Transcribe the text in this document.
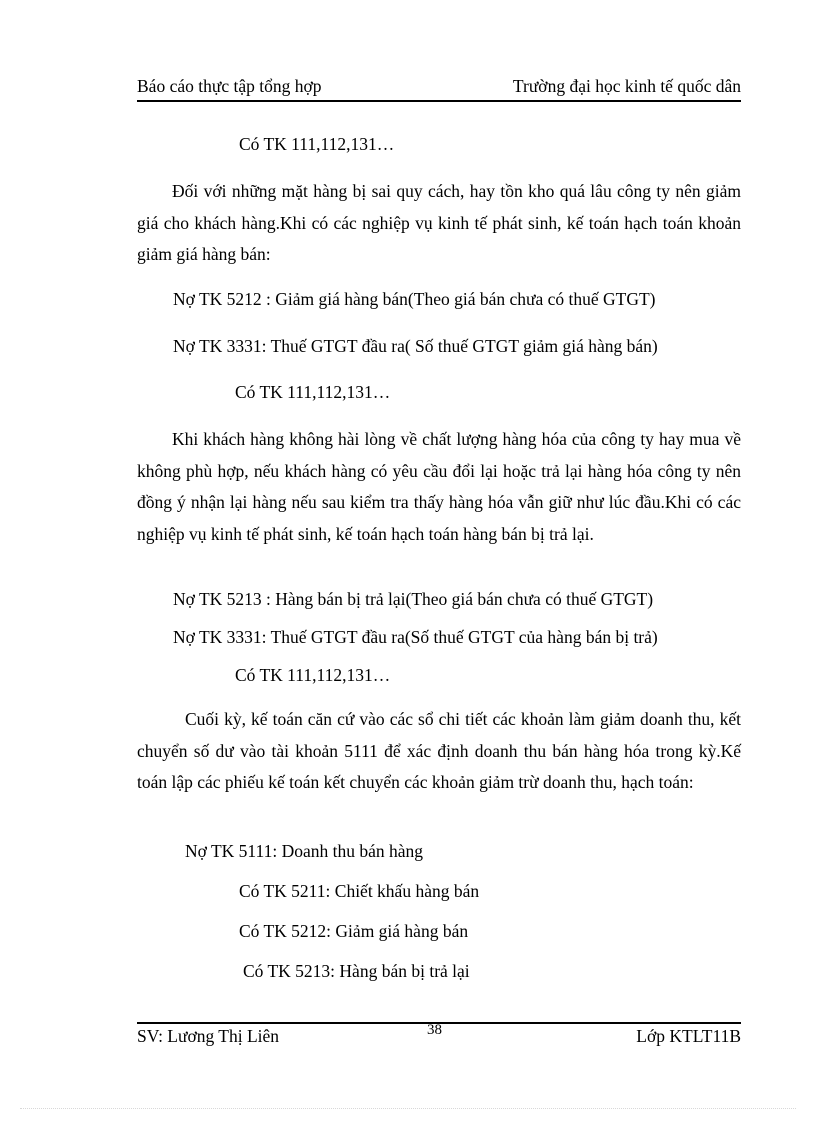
Báo cáo thực tập tổng hợp	Trường đại học kinh tế quốc dân
Có TK 111,112,131…
Đối với những mặt hàng bị sai quy cách, hay tồn kho quá lâu công ty nên giảm giá cho khách hàng.Khi có các nghiệp vụ kinh tế phát sinh, kế toán hạch toán khoản giảm giá hàng bán:
Nợ TK 5212 : Giảm giá hàng bán(Theo giá bán chưa có thuế GTGT)
Nợ TK 3331: Thuế GTGT đầu ra( Số thuế GTGT giảm giá hàng bán)
Có TK 111,112,131…
Khi khách hàng không hài lòng về chất lượng hàng hóa của công ty hay mua về không phù hợp, nếu khách hàng có yêu cầu đổi lại hoặc trả lại hàng hóa công ty nên đồng ý nhận lại hàng nếu sau kiểm tra thấy hàng hóa vẫn giữ như lúc đầu.Khi có các nghiệp vụ kinh tế phát sinh, kế toán hạch toán hàng bán bị trả lại.
Nợ TK 5213 : Hàng bán bị trả lại(Theo giá bán chưa có thuế GTGT)
Nợ TK 3331: Thuế GTGT đầu ra(Số thuế GTGT của hàng bán bị trả)
Có TK 111,112,131…
Cuối kỳ, kế toán căn cứ vào các sổ chi tiết các khoản làm giảm doanh thu, kết chuyển số dư vào tài khoản 5111 để xác định doanh thu bán hàng hóa trong kỳ.Kế toán lập các phiếu kế toán kết chuyển các khoản giảm trừ doanh thu, hạch toán:
Nợ TK 5111: Doanh thu bán hàng
Có TK 5211: Chiết khấu hàng bán
Có TK 5212: Giảm giá hàng bán
Có TK 5213: Hàng bán bị trả lại
SV: Lương Thị Liên	38	Lớp KTLT11B
